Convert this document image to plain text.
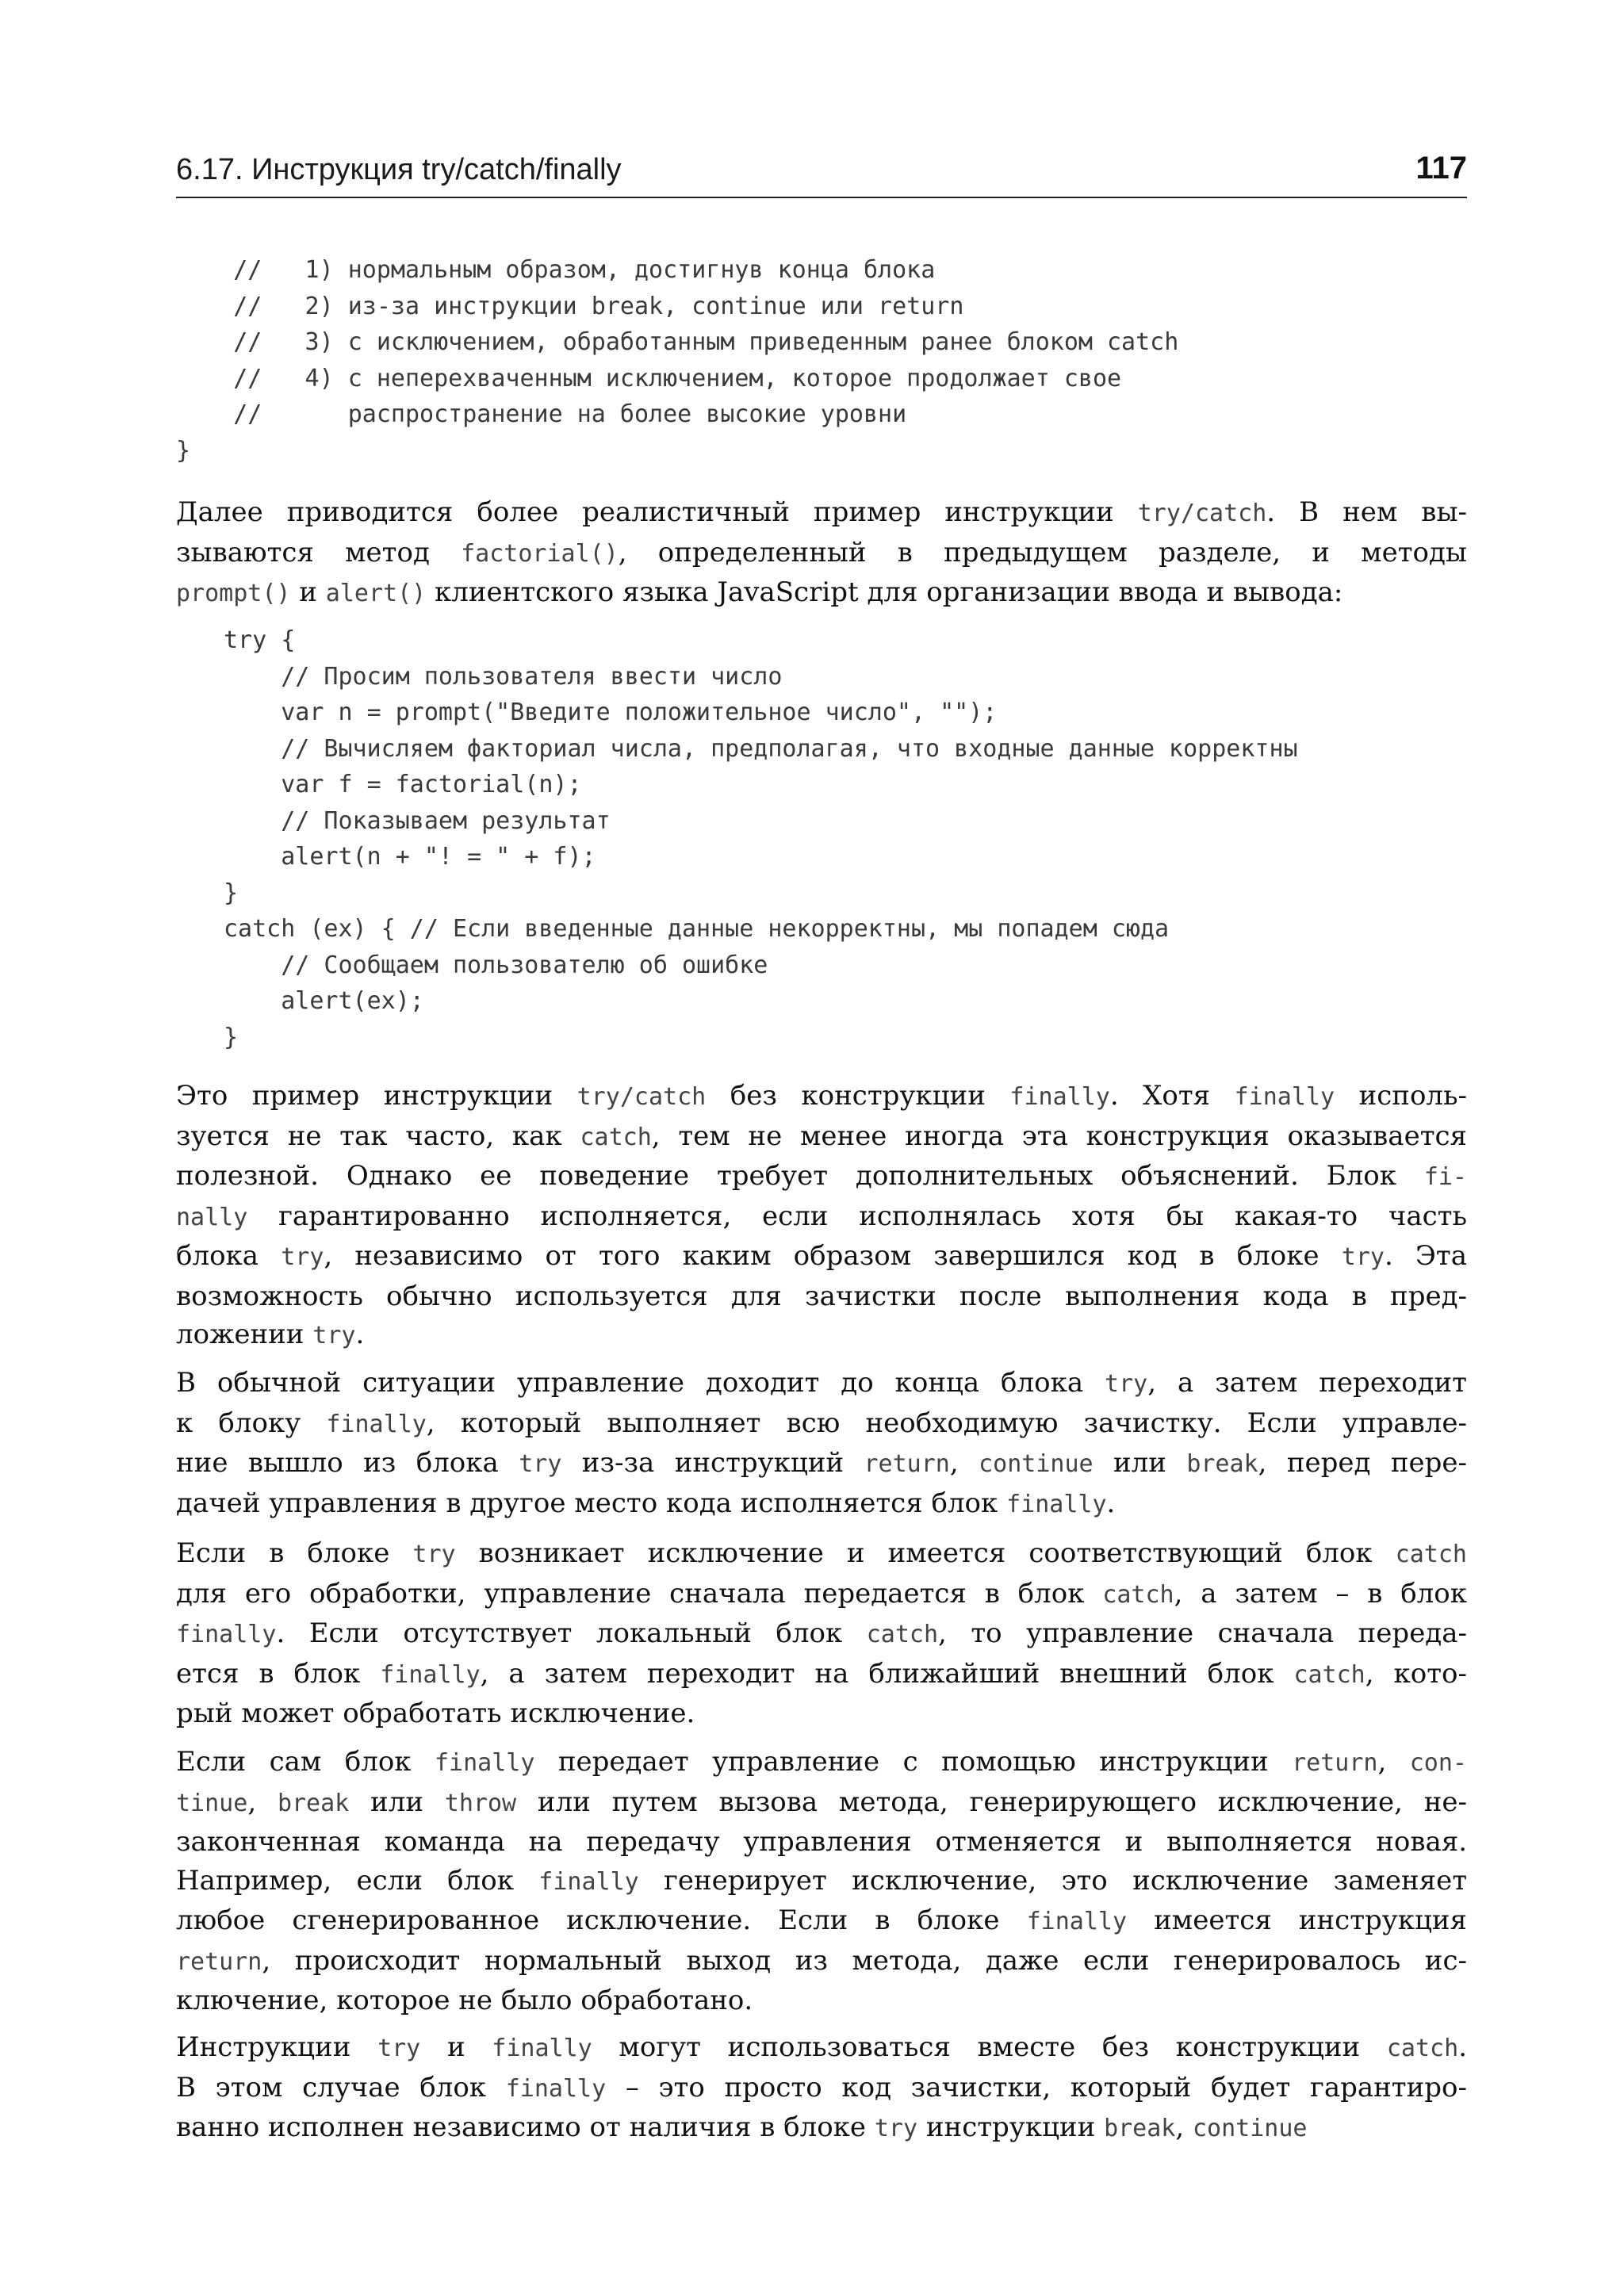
6.17. Инструкция try/catch/finally	117
//   1) нормальным образом, достигнув конца блока
//   2) из-за инструкции break, continue или return
//   3) с исключением, обработанным приведенным ранее блоком catch
//   4) с неперехваченным исключением, которое продолжает свое
//      распространение на более высокие уровни
}

Далее приводится более реалистичный пример инструкции try/catch. В нем вы-
зываются метод factorial(), определенный в предыдущем разделе, и методы
prompt() и alert() клиентского языка JavaScript для организации ввода и вывода:

try {
// Просим пользователя ввести число
var n = prompt("Введите положительное число", "");
// Вычисляем факториал числа, предполагая, что входные данные корректны
var f = factorial(n);
// Показываем результат
alert(n + "! = " + f);
}
catch (ex) { // Если введенные данные некорректны, мы попадем сюда
// Сообщаем пользователю об ошибке
alert(ex);
}

Это пример инструкции try/catch без конструкции finally. Хотя finally исполь-
зуется не так часто, как catch, тем не менее иногда эта конструкция оказывается
полезной. Однако ее поведение требует дополнительных объяснений. Блок fi-
nally гарантированно исполняется, если исполнялась хотя бы какая-то часть
блока try, независимо от того каким образом завершился код в блоке try. Эта
возможность обычно используется для зачистки после выполнения кода в пред-
ложении try.

В обычной ситуации управление доходит до конца блока try, а затем переходит
к блоку finally, который выполняет всю необходимую зачистку. Если управле-
ние вышло из блока try из-за инструкций return, continue или break, перед пере-
дачей управления в другое место кода исполняется блок finally.

Если в блоке try возникает исключение и имеется соответствующий блок catch
для его обработки, управление сначала передается в блок catch, а затем – в блок
finally. Если отсутствует локальный блок catch, то управление сначала переда-
ется в блок finally, а затем переходит на ближайший внешний блок catch, кото-
рый может обработать исключение.

Если сам блок finally передает управление с помощью инструкции return, con-
tinue, break или throw или путем вызова метода, генерирующего исключение, не-
законченная команда на передачу управления отменяется и выполняется новая.
Например, если блок finally генерирует исключение, это исключение заменяет
любое сгенерированное исключение. Если в блоке finally имеется инструкция
return, происходит нормальный выход из метода, даже если генерировалось ис-
ключение, которое не было обработано.

Инструкции try и finally могут использоваться вместе без конструкции catch.
В этом случае блок finally – это просто код зачистки, который будет гарантиро-
ванно исполнен независимо от наличия в блоке try инструкции break, continue
